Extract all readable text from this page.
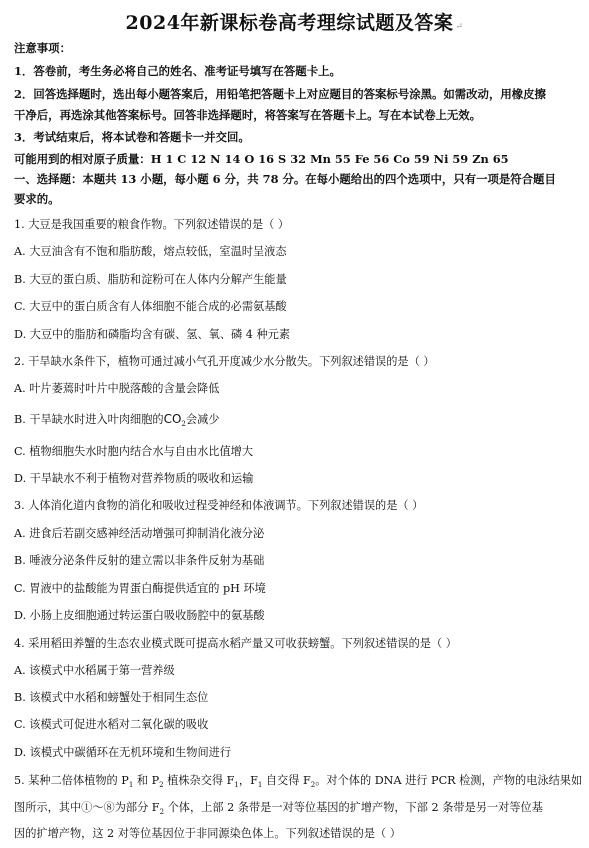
2024年新课标卷高考理综试题及答案 ↵
注意事项：
1．答卷前，考生务必将自己的姓名、准考证号填写在答题卡上。
2．回答选择题时，选出每小题答案后，用铅笔把答题卡上对应题目的答案标号涂黑。如需改动，用橡皮擦
干净后，再选涂其他答案标号。回答非选择题时，将答案写在答题卡上。写在本试卷上无效。
3．考试结束后，将本试卷和答题卡一并交回。
可能用到的相对原子质量：H 1 C 12 N 14 O 16 S 32 Mn 55 Fe 56 Co 59 Ni 59 Zn 65
一、选择题：本题共 13 小题，每小题 6 分，共 78 分。在每小题给出的四个选项中，只有一项是符合题目
要求的。
1. 大豆是我国重要的粮食作物。下列叙述错误的是（ ）
A. 大豆油含有不饱和脂肪酸，熔点较低，室温时呈液态
B. 大豆的蛋白质、脂肪和淀粉可在人体内分解产生能量
C. 大豆中的蛋白质含有人体细胞不能合成的必需氨基酸
D. 大豆中的脂肪和磷脂均含有碳、氢、氧、磷 4 种元素
2. 干旱缺水条件下，植物可通过减小气孔开度减少水分散失。下列叙述错误的是（ ）
A. 叶片萎蔫时叶片中脱落酸的含量会降低
B. 干旱缺水时进入叶肉细胞的$CO_2$会减少
C. 植物细胞失水时胞内结合水与自由水比值增大
D. 干旱缺水不利于植物对营养物质的吸收和运输
3. 人体消化道内食物的消化和吸收过程受神经和体液调节。下列叙述错误的是（ ）
A. 进食后若副交感神经活动增强可抑制消化液分泌
B. 唾液分泌条件反射的建立需以非条件反射为基础
C. 胃液中的盐酸能为胃蛋白酶提供适宜的 pH 环境
D. 小肠上皮细胞通过转运蛋白吸收肠腔中的氨基酸
4. 采用稻田养蟹的生态农业模式既可提高水稻产量又可收获螃蟹。下列叙述错误的是（ ）
A. 该模式中水稻属于第一营养级
B. 该模式中水稻和螃蟹处于相同生态位
C. 该模式可促进水稻对二氧化碳的吸收
D. 该模式中碳循环在无机环境和生物间进行
5. 某种二倍体植物的 $P_1$ 和 $P_2$ 植株杂交得 $F_1$，$F_1$ 自交得 $F_2$。对个体的 DNA 进行 PCR 检测，产物的电泳结果如
图所示，其中①～⑧为部分 $F_2$ 个体，上部 2 条带是一对等位基因的扩增产物，下部 2 条带是另一对等位基
因的扩增产物，这 2 对等位基因位于非同源染色体上。下列叙述错误的是（ ）
